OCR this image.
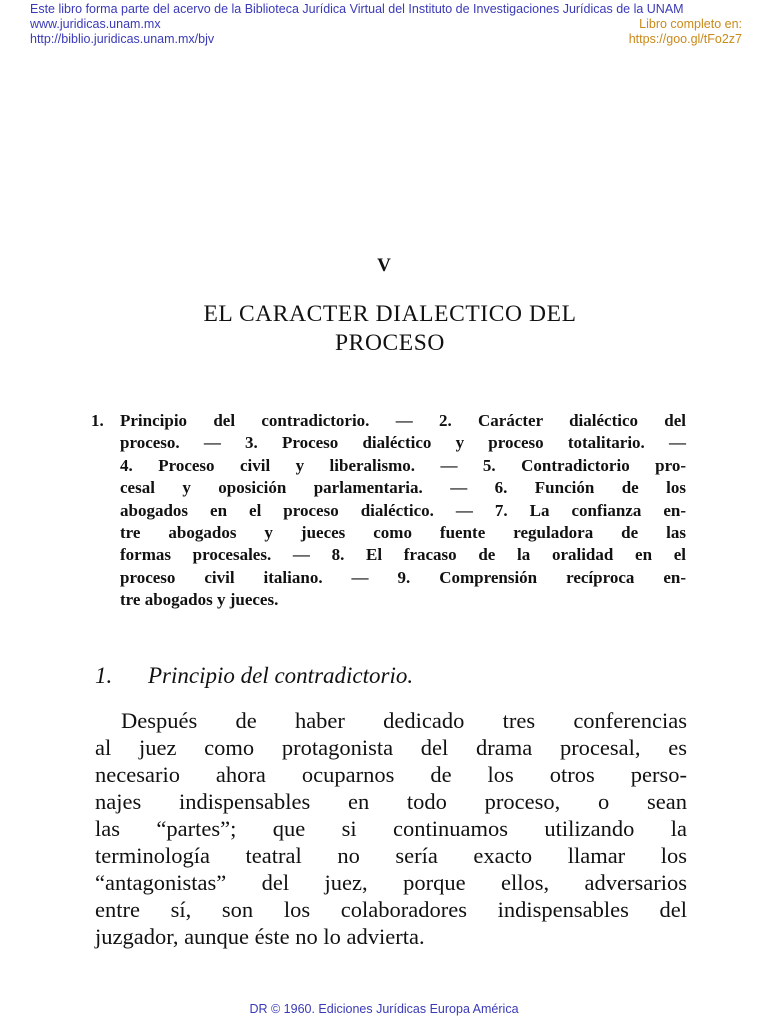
Este libro forma parte del acervo de la Biblioteca Jurídica Virtual del Instituto de Investigaciones Jurídicas de la UNAM
www.juridicas.unam.mx
http://biblio.juridicas.unam.mx/bjv
Libro completo en:
https://goo.gl/tFo2z7
V
EL CARACTER DIALECTICO DEL
PROCESO
1. Principio del contradictorio. — 2. Carácter dialéctico del
proceso. — 3. Proceso dialéctico y proceso totalitario. —
4. Proceso civil y liberalismo. — 5. Contradictorio pro-
cesal y oposición parlamentaria. — 6. Función de los
abogados en el proceso dialéctico. — 7. La confianza en-
tre abogados y jueces como fuente reguladora de las
formas procesales. — 8. El fracaso de la oralidad en el
proceso civil italiano. — 9. Comprensión recíproca en-
tre abogados y jueces.
1. Principio del contradictorio.
Después de haber dedicado tres conferencias
al juez como protagonista del drama procesal, es
necesario ahora ocuparnos de los otros perso-
najes indispensables en todo proceso, o sean
las “partes”; que si continuamos utilizando la
terminología teatral no sería exacto llamar los
“antagonistas” del juez, porque ellos, adversarios
entre sí, son los colaboradores indispensables del
juzgador, aunque éste no lo advierta.
DR © 1960. Ediciones Jurídicas Europa América
